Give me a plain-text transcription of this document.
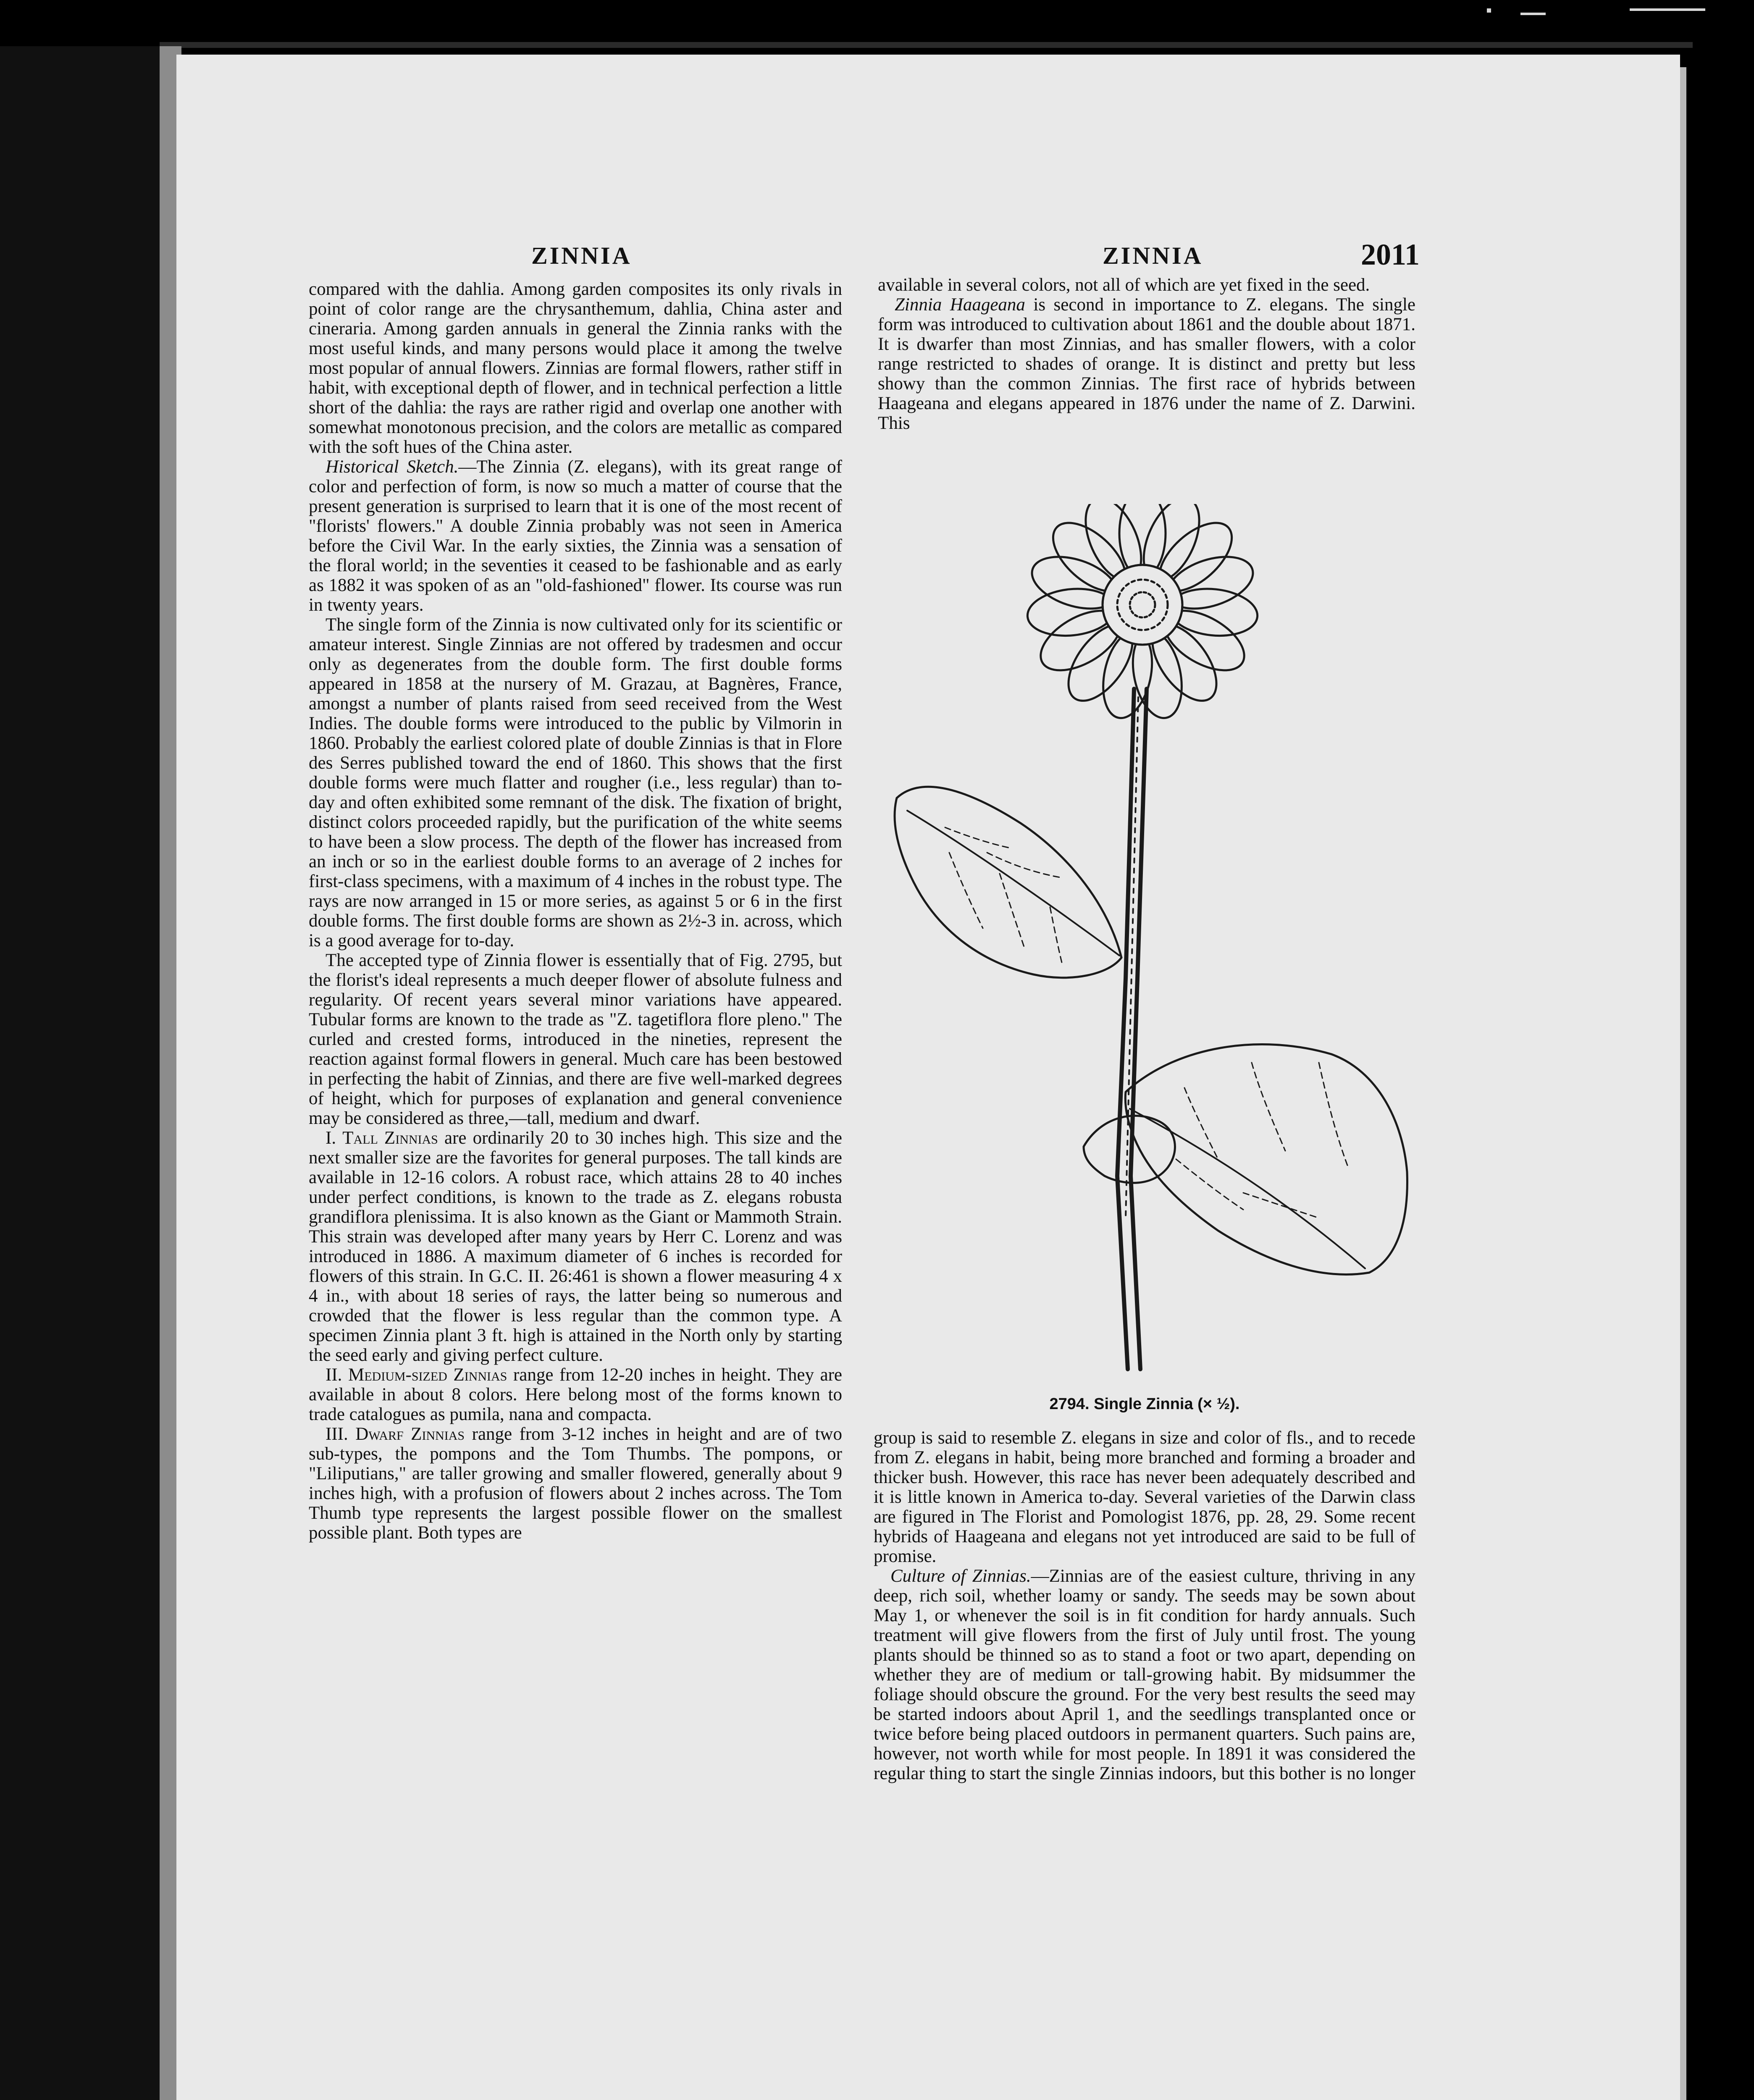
ZINNIA	ZINNIA	2011

compared with the dahlia. Among garden composites its only rivals in point of color range are the chrysanthemum, dahlia, China aster and cineraria. Among garden annuals in general the Zinnia ranks with the most useful kinds, and many persons would place it among the twelve most popular of annual flowers. Zinnias are formal flowers, rather stiff in habit, with exceptional depth of flower, and in technical perfection a little short of the dahlia: the rays are rather rigid and overlap one another with somewhat monotonous precision, and the colors are metallic as compared with the soft hues of the China aster.

Historical Sketch.—The Zinnia (Z. elegans), with its great range of color and perfection of form, is now so much a matter of course that the present generation is surprised to learn that it is one of the most recent of "florists' flowers." A double Zinnia probably was not seen in America before the Civil War. In the early sixties, the Zinnia was a sensation of the floral world; in the seventies it ceased to be fashionable and as early as 1882 it was spoken of as an "old-fashioned" flower. Its course was run in twenty years.

The single form of the Zinnia is now cultivated only for its scientific or amateur interest. Single Zinnias are not offered by tradesmen and occur only as degenerates from the double form. The first double forms appeared in 1858 at the nursery of M. Grazau, at Bagnères, France, amongst a number of plants raised from seed received from the West Indies. The double forms were introduced to the public by Vilmorin in 1860. Probably the earliest colored plate of double Zinnias is that in Flore des Serres published toward the end of 1860. This shows that the first double forms were much flatter and rougher (i.e., less regular) than to-day and often exhibited some remnant of the disk. The fixation of bright, distinct colors proceeded rapidly, but the purification of the white seems to have been a slow process. The depth of the flower has increased from an inch or so in the earliest double forms to an average of 2 inches for first-class specimens, with a maximum of 4 inches in the robust type. The rays are now arranged in 15 or more series, as against 5 or 6 in the first double forms. The first double forms are shown as 2½-3 in. across, which is a good average for to-day.

The accepted type of Zinnia flower is essentially that of Fig. 2795, but the florist's ideal represents a much deeper flower of absolute fulness and regularity. Of recent years several minor variations have appeared. Tubular forms are known to the trade as "Z. tagetiflora flore pleno." The curled and crested forms, introduced in the nineties, represent the reaction against formal flowers in general. Much care has been bestowed in perfecting the habit of Zinnias, and there are five well-marked degrees of height, which for purposes of explanation and general convenience may be considered as three,—tall, medium and dwarf.

I. Tall Zinnias are ordinarily 20 to 30 inches high. This size and the next smaller size are the favorites for general purposes. The tall kinds are available in 12-16 colors. A robust race, which attains 28 to 40 inches under perfect conditions, is known to the trade as Z. elegans robusta grandiflora plenissima. It is also known as the Giant or Mammoth Strain. This strain was developed after many years by Herr C. Lorenz and was introduced in 1886. A maximum diameter of 6 inches is recorded for flowers of this strain. In G.C. II. 26:461 is shown a flower measuring 4 x 4 in., with about 18 series of rays, the latter being so numerous and crowded that the flower is less regular than the common type. A specimen Zinnia plant 3 ft. high is attained in the North only by starting the seed early and giving perfect culture.

II. Medium-sized Zinnias range from 12-20 inches in height. They are available in about 8 colors. Here belong most of the forms known to trade catalogues as pumila, nana and compacta.

III. Dwarf Zinnias range from 3-12 inches in height and are of two sub-types, the pompons and the Tom Thumbs. The pompons, or "Liliputians," are taller growing and smaller flowered, generally about 9 inches high, with a profusion of flowers about 2 inches across. The Tom Thumb type represents the largest possible flower on the smallest possible plant. Both types are

available in several colors, not all of which are yet fixed in the seed.

Zinnia Haageana is second in importance to Z. elegans. The single form was introduced to cultivation about 1861 and the double about 1871. It is dwarfer than most Zinnias, and has smaller flowers, with a color range restricted to shades of orange. It is distinct and pretty but less showy than the common Zinnias. The first race of hybrids between Haageana and elegans appeared in 1876 under the name of Z. Darwini. This

2794. Single Zinnia (× ½).

group is said to resemble Z. elegans in size and color of fls., and to recede from Z. elegans in habit, being more branched and forming a broader and thicker bush. However, this race has never been adequately described and it is little known in America to-day. Several varieties of the Darwin class are figured in The Florist and Pomologist 1876, pp. 28, 29. Some recent hybrids of Haageana and elegans not yet introduced are said to be full of promise.

Culture of Zinnias.—Zinnias are of the easiest culture, thriving in any deep, rich soil, whether loamy or sandy. The seeds may be sown about May 1, or whenever the soil is in fit condition for hardy annuals. Such treatment will give flowers from the first of July until frost. The young plants should be thinned so as to stand a foot or two apart, depending on whether they are of medium or tall-growing habit. By midsummer the foliage should obscure the ground. For the very best results the seed may be started indoors about April 1, and the seedlings transplanted once or twice before being placed outdoors in permanent quarters. Such pains are, however, not worth while for most people. In 1891 it was considered the regular thing to start the single Zinnias indoors, but this bother is no longer
